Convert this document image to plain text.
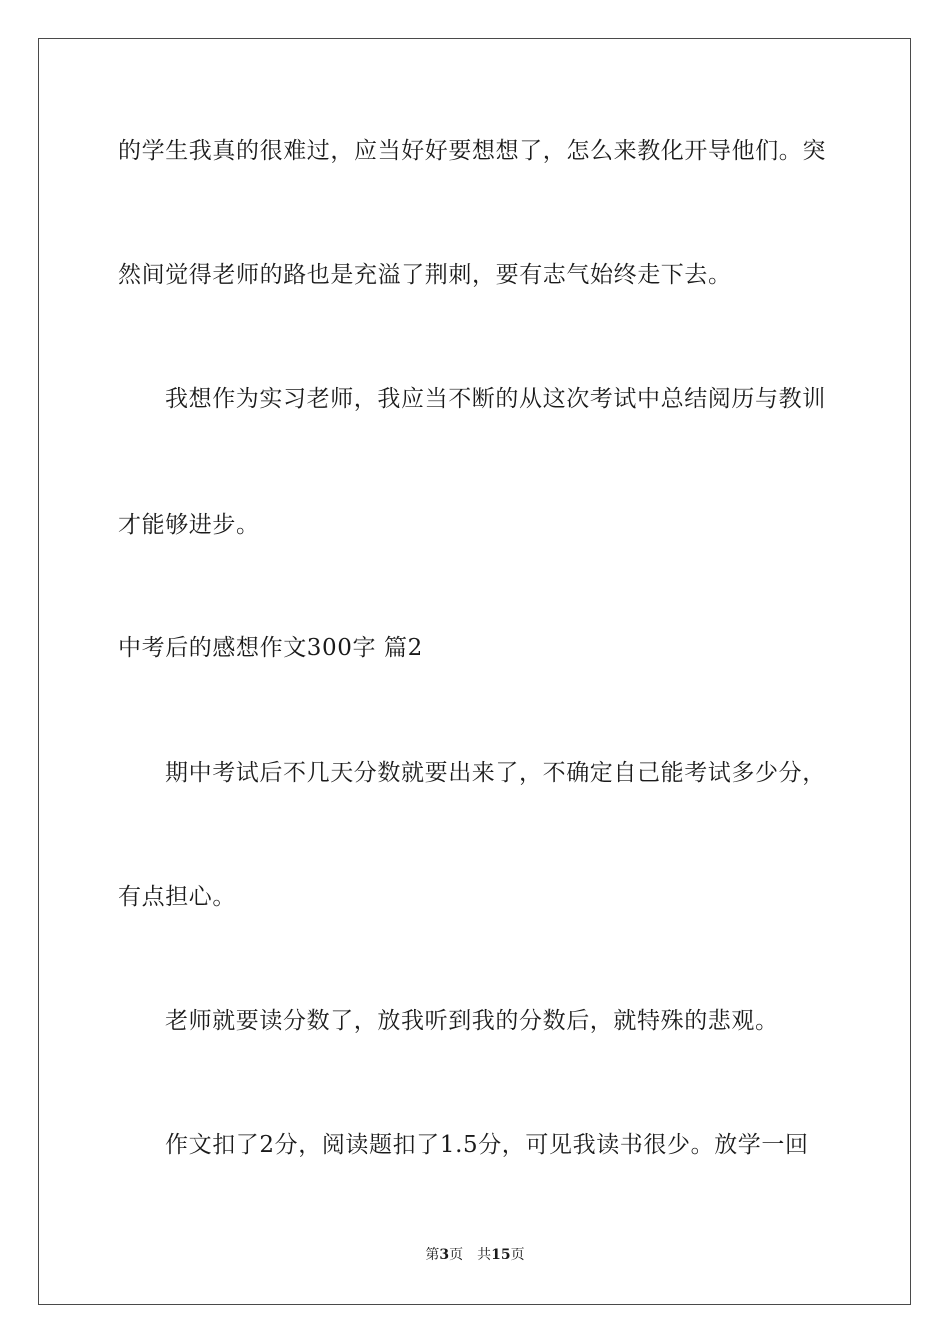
的学生我真的很难过，应当好好要想想了，怎么来教化开导他们。突
然间觉得老师的路也是充溢了荆刺，要有志气始终走下去。
我想作为实习老师，我应当不断的从这次考试中总结阅历与教训
才能够进步。
中考后的感想作文300字 篇2
期中考试后不几天分数就要出来了，不确定自己能考试多少分，
有点担心。
老师就要读分数了，放我听到我的分数后，就特殊的悲观。
作文扣了2分，阅读题扣了1.5分，可见我读书很少。放学一回
第3页 共15页
